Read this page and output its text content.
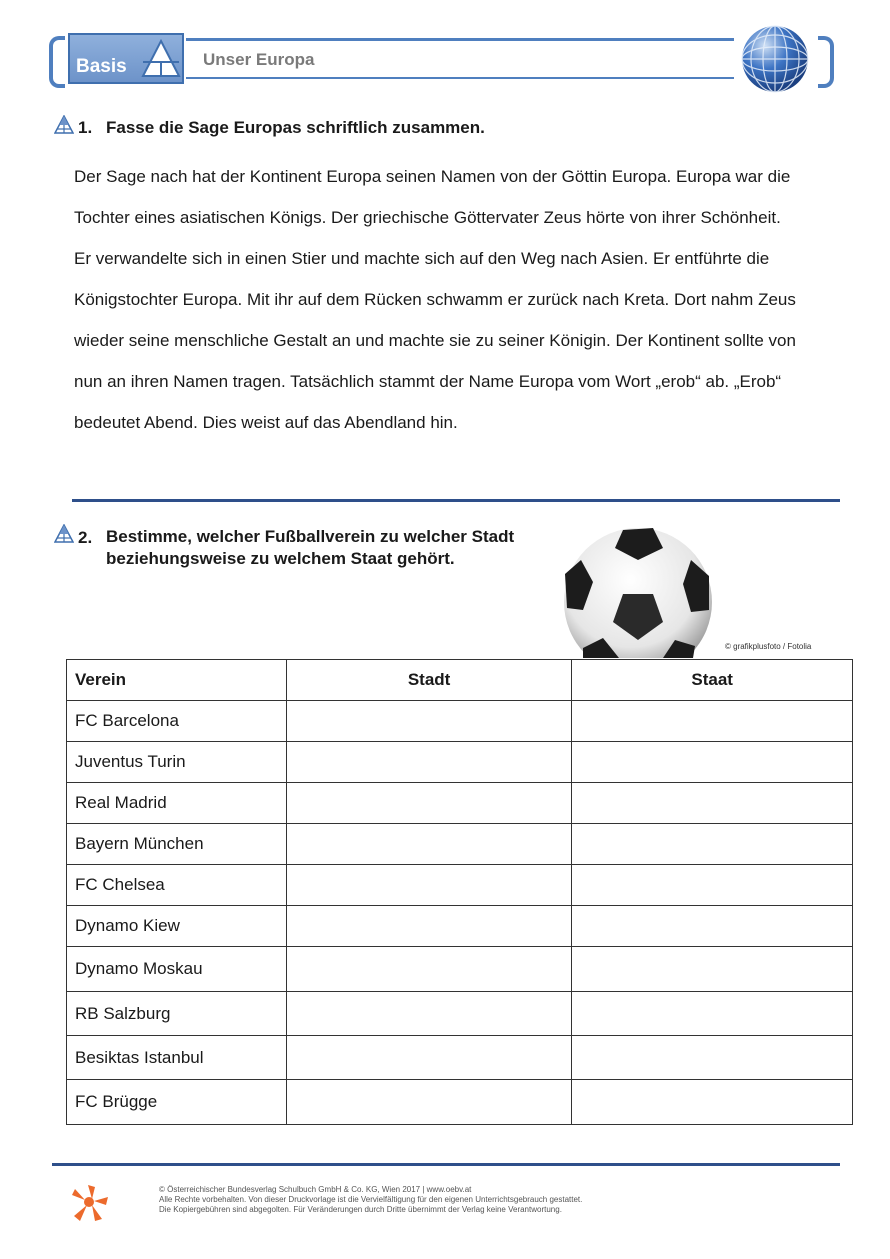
Basis	Unser Europa
1. Fasse die Sage Europas schriftlich zusammen.
Der Sage nach hat der Kontinent Europa seinen Namen von der Göttin Europa. Europa war die
Tochter eines asiatischen Königs. Der griechische Göttervater Zeus hörte von ihrer Schönheit.
Er verwandelte sich in einen Stier und machte sich auf den Weg nach Asien. Er entführte die
Königstochter Europa. Mit ihr auf dem Rücken schwamm er zurück nach Kreta. Dort nahm Zeus
wieder seine menschliche Gestalt an und machte sie zu seiner Königin. Der Kontinent sollte von
nun an ihren Namen tragen. Tatsächlich stammt der Name Europa vom Wort „erob“ ab. „Erob“
bedeutet Abend. Dies weist auf das Abendland hin.
2. Bestimme, welcher Fußballverein zu welcher Stadt
beziehungsweise zu welchem Staat gehört.
© grafikplusfoto / Fotolia
Verein	Stadt	Staat
FC Barcelona		
Juventus Turin		
Real Madrid		
Bayern München		
FC Chelsea		
Dynamo Kiew		
Dynamo Moskau		
RB Salzburg		
Besiktas Istanbul		
FC Brügge		
© Österreichischer Bundesverlag Schulbuch GmbH & Co. KG, Wien 2017 | www.oebv.at
Alle Rechte vorbehalten. Von dieser Druckvorlage ist die Vervielfältigung für den eigenen Unterrichtsgebrauch gestattet.
Die Kopiergebühren sind abgegolten. Für Veränderungen durch Dritte übernimmt der Verlag keine Verantwortung.
